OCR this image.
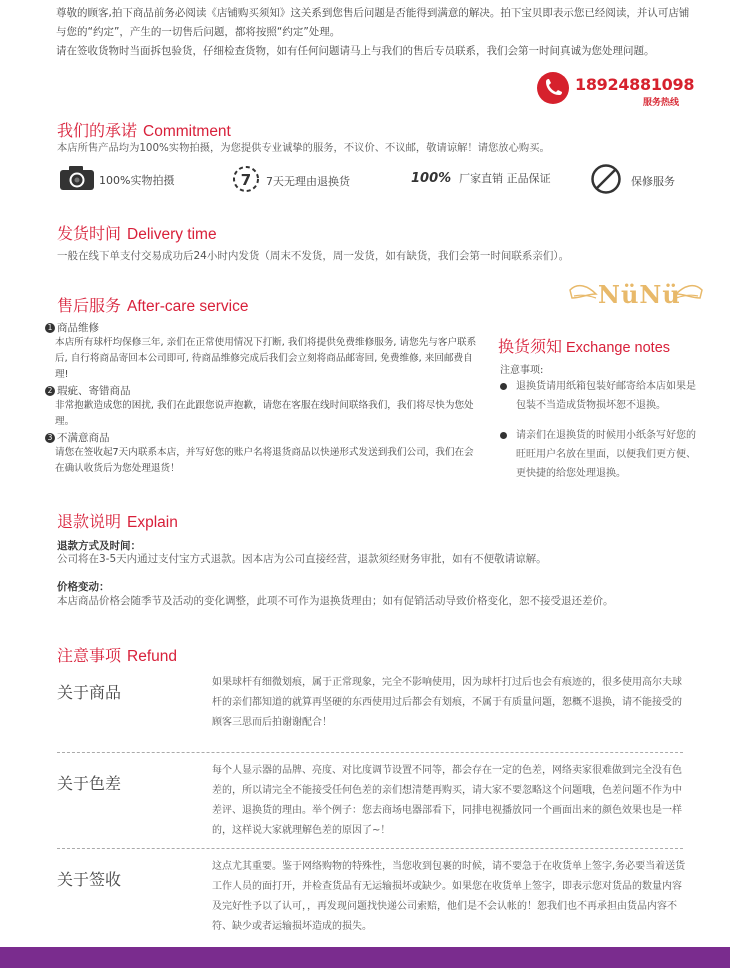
尊敬的顾客,拍下商品前务必阅读《店铺购买须知》这关系到您售后问题是否能得到满意的解决。拍下宝贝即表示您已经阅读，并认可店铺与您的“约定”，产生的一切售后问题，都将按照“约定”处理。
请在签收货物时当面拆包验货，仔细检查货物，如有任何问题请马上与我们的售后专员联系，我们会第一时间真诚为您处理问题。
18924881098
服务热线
我们的承诺 Commitment
本店所售产品均为100%实物拍摄，为您提供专业诚挚的服务，不议价、不议邮，敬请谅解！请您放心购买。
100%实物拍摄	7 7天无理由退换货	100% 厂家直销 正品保证	保修服务
发货时间 Delivery time
一般在线下单支付交易成功后24小时内发货（周末不发货，周一发货，如有缺货，我们会第一时间联系亲们）。
售后服务 After-care service	NüNü
1 商品维修
本店所有球杆均保修三年, 亲们在正常使用情况下打断, 我们将提供免费维修服务, 请您先与客户联系后, 自行将商品寄回本公司即可, 待商品维修完成后我们会立刻将商品邮寄回, 免费维修, 来回邮费自理!
2 瑕疵、寄错商品
非常抱歉造成您的困扰, 我们在此跟您说声抱歉，请您在客服在线时间联络我们，我们将尽快为您处理。
3 不满意商品
请您在签收起7天内联系本店，并写好您的账户名将退货商品以快递形式发送到我们公司，我们在会在确认收货后为您处理退货！
换货须知 Exchange notes
注意事项:
退换货请用纸箱包装好邮寄给本店如果是包装不当造成货物损坏恕不退换。
请亲们在退换货的时候用小纸条写好您的旺旺用户名放在里面，以便我们更方便、更快捷的给您处理退换。
退款说明 Explain
退款方式及时间：
公司将在3-5天内通过支付宝方式退款。因本店为公司直接经营，退款须经财务审批，如有不便敬请谅解。
价格变动：
本店商品价格会随季节及活动的变化调整，此项不可作为退换货理由；如有促销活动导致价格变化，恕不接受退还差价。
注意事项 Refund
关于商品
如果球杆有细微划痕，属于正常现象，完全不影响使用，因为球杆打过后也会有痕迹的，很多使用高尔夫球杆的亲们都知道的就算再坚硬的东西使用过后都会有划痕，不属于有质量问题，恕概不退换，请不能接受的顾客三思而后拍谢谢配合！
关于色差
每个人显示器的品牌、亮度、对比度调节设置不同等，都会存在一定的色差，网络卖家很难做到完全没有色差的，所以请完全不能接受任何色差的亲们想清楚再购买，请大家不要忽略这个问题哦，色差问题不作为中差评、退换货的理由。举个例子：您去商场电器部看下，同排电视播放同一个画面出来的颜色效果也是一样的，这样说大家就理解色差的原因了~！
关于签收
这点尤其重要。鉴于网络购物的特殊性，当您收到包裹的时候，请不要急于在收货单上签字,务必要当着送货工作人员的面打开，并检查货品有无运输损坏或缺少。如果您在收货单上签字，即表示您对货品的数量内容及完好性予以了认可，，再发现问题找快递公司索赔，他们是不会认帐的！恕我们也不再承担由货品内容不符、缺少或者运输损坏造成的损失。
